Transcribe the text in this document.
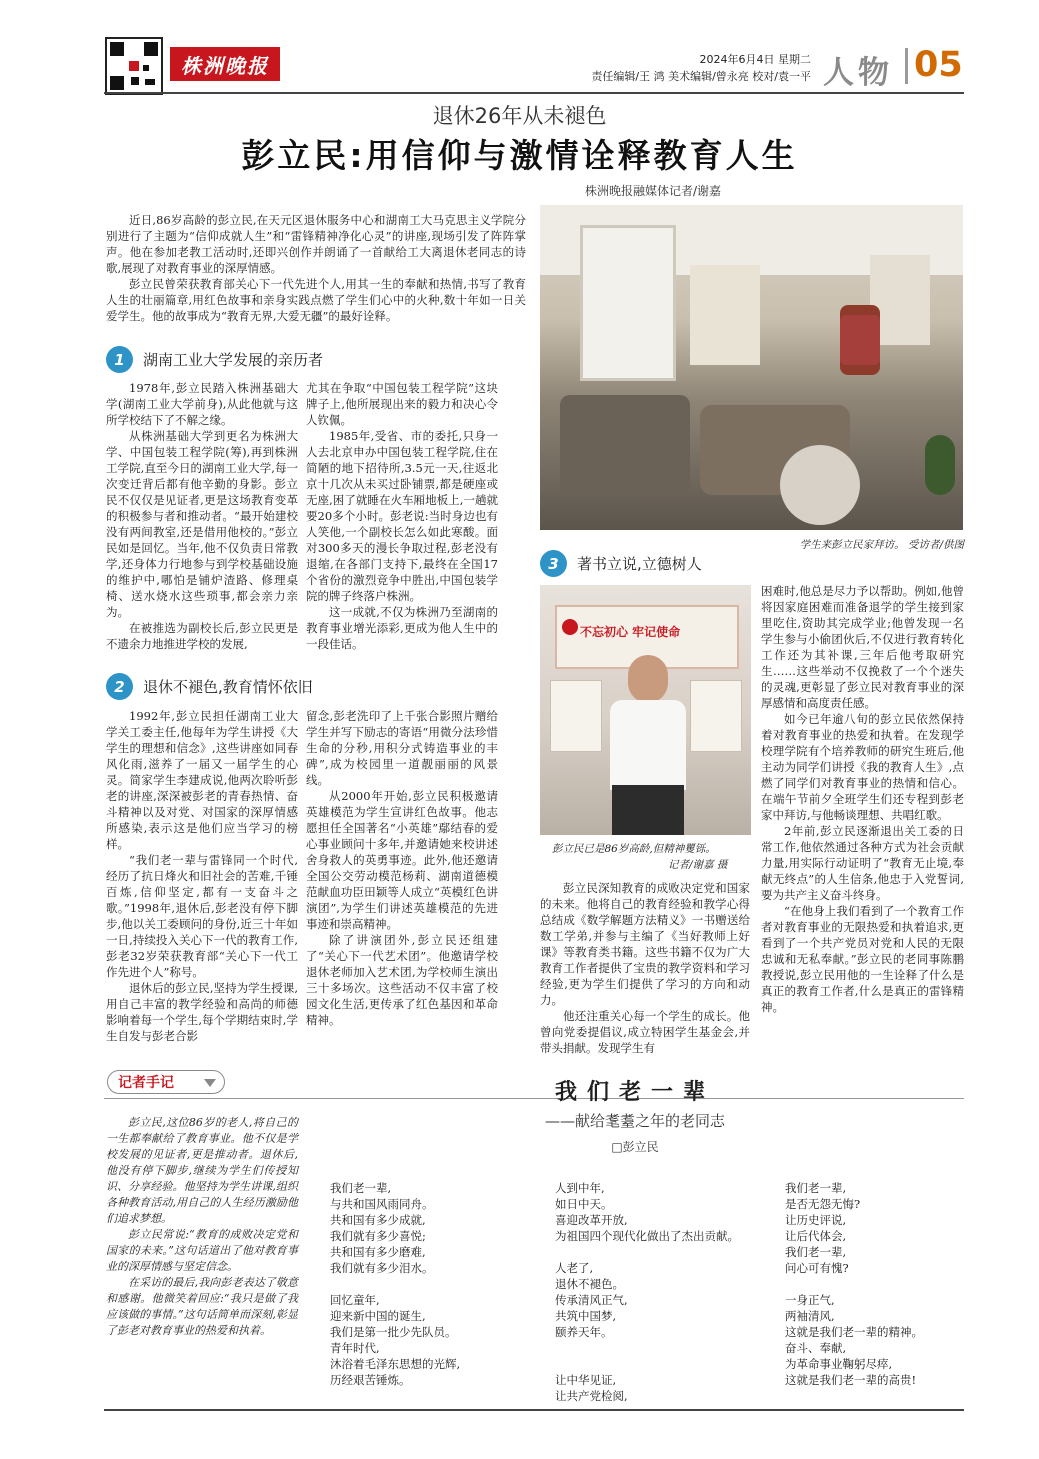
株洲晚报	2024年6月4日 星期二
责任编辑/王 鸿 美术编辑/曾永亮 校对/袁一平 人物 05
退休26年从未褪色
彭立民:用信仰与激情诠释教育人生
株洲晚报融媒体记者/谢嘉

近日,86岁高龄的彭立民,在天元区退休服务中心和湖南工大马克思主义学院分别进行了主题为“信仰成就人生”和“雷锋精神净化心灵”的讲座,现场引发了阵阵掌声。他在参加老教工活动时,还即兴创作并朗诵了一首献给工大离退休老同志的诗歌,展现了对教育事业的深厚情感。

彭立民曾荣获教育部关心下一代先进个人,用其一生的奉献和热情,书写了教育人生的壮丽篇章,用红色故事和亲身实践点燃了学生们心中的火种,数十年如一日关爱学生。他的故事成为“教育无界,大爱无疆”的最好诠释。

1	湖南工业大学发展的亲历者

1978年,彭立民踏入株洲基础大学(湖南工业大学前身),从此他就与这所学校结下了不解之缘。

从株洲基础大学到更名为株洲大学、中国包装工程学院(筹),再到株洲工学院,直至今日的湖南工业大学,每一次变迁背后都有他辛勤的身影。彭立民不仅仅是见证者,更是这场教育变革的积极参与者和推动者。“最开始建校没有两间教室,还是借用他校的。”彭立民如是回忆。当年,他不仅负责日常教学,还身体力行地参与到学校基础设施的维护中,哪怕是铺炉渣路、修理桌椅、送水烧水这些琐事,都会亲力亲为。

在被推选为副校长后,彭立民更是不遗余力地推进学校的发展,

尤其在争取“中国包装工程学院”这块牌子上,他所展现出来的毅力和决心令人钦佩。

1985年,受省、市的委托,只身一人去北京申办中国包装工程学院,住在简陋的地下招待所,3.5元一天,往返北京十几次从未买过卧铺票,都是硬座或无座,困了就睡在火车厢地板上,一趟就要20多个小时。彭老说:当时身边也有人笑他,一个副校长怎么如此寒酸。面对300多天的漫长争取过程,彭老没有退缩,在各部门支持下,最终在全国17个省份的激烈竞争中胜出,中国包装学院的牌子终落户株洲。

这一成就,不仅为株洲乃至湖南的教育事业增光添彩,更成为他人生中的一段佳话。

2	退休不褪色,教育情怀依旧

1992年,彭立民担任湖南工业大学关工委主任,他每年为学生讲授《大学生的理想和信念》,这些讲座如同春风化雨,滋养了一届又一届学生的心灵。简家学生李建成说,他两次聆听彭老的讲座,深深被彭老的青春热情、奋斗精神以及对党、对国家的深厚情感所感染,表示这是他们应当学习的榜样。

“我们老一辈与雷锋同一个时代,经历了抗日烽火和旧社会的苦难,千锤百炼,信仰坚定,都有一支奋斗之歌。”1998年,退休后,彭老没有停下脚步,他以关工委顾问的身份,近三十年如一日,持续投入关心下一代的教育工作,彭老32岁荣获教育部“关心下一代工作先进个人”称号。

退休后的彭立民,坚持为学生授课,用自己丰富的教学经验和高尚的师德影响着每一个学生,每个学期结束时,学生自发与彭老合影

留念,彭老洗印了上千张合影照片赠给学生并写下励志的寄语“用微分法珍惜生命的分秒,用积分式铸造事业的丰碑”,成为校园里一道靓丽丽的风景线。

从2000年开始,彭立民积极邀请英雄模范为学生宣讲红色故事。他志愿担任全国著名“小英雄”鄢结春的爱心事业顾问十多年,并邀请她来校讲述舍身救人的英勇事迹。此外,他还邀请全国公交劳动模范杨莉、湖南道德模范献血功臣田颖等人成立“英模红色讲演团”,为学生们讲述英雄模范的先进事迹和崇高精神。

除了讲演团外,彭立民还组建了“关心下一代艺术团”。他邀请学校退休老师加入艺术团,为学校师生演出三十多场次。这些活动不仅丰富了校园文化生活,更传承了红色基因和革命精神。

学生来彭立民家拜访。 受访者/供图
3	著书立说,立德树人
不忘初心 牢记使命
彭立民已是86岁高龄,但精神矍铄。
记者/谢嘉 摄

彭立民深知教育的成败决定党和国家的未来。他将自己的教育经验和教学心得总结成《数学解题方法精义》一书赠送给数工学弟,并参与主编了《当好教师上好课》等教育类书籍。这些书籍不仅为广大教育工作者提供了宝贵的教学资料和学习经验,更为学生们提供了学习的方向和动力。

他还注重关心每一个学生的成长。他曾向党委提倡议,成立特困学生基金会,并带头捐献。发现学生有

困难时,他总是尽力予以帮助。例如,他曾将因家庭困难而准备退学的学生接到家里吃住,资助其完成学业;他曾发现一名学生参与小偷团伙后,不仅进行教育转化工作还为其补课,三年后他考取研究生……这些举动不仅挽救了一个个迷失的灵魂,更彰显了彭立民对教育事业的深厚感情和高度责任感。

如今已年逾八旬的彭立民依然保持着对教育事业的热爱和执着。在发现学校理学院有个培养教师的研究生班后,他主动为同学们讲授《我的教育人生》,点燃了同学们对教育事业的热情和信心。在端午节前夕全班学生们还专程到彭老家中拜访,与他畅谈理想、共唱红歌。

2年前,彭立民逐渐退出关工委的日常工作,他依然通过各种方式为社会贡献力量,用实际行动证明了“教育无止境,奉献无终点”的人生信条,他忠于入党誓词,要为共产主义奋斗终身。

“在他身上我们看到了一个教育工作者对教育事业的无限热爱和执着追求,更看到了一个共产党员对党和人民的无限忠诚和无私奉献。”彭立民的老同事陈鹏教授说,彭立民用他的一生诠释了什么是真正的教育工作者,什么是真正的雷锋精神。

记者手记

彭立民,这位86岁的老人,将自己的一生都奉献给了教育事业。他不仅是学校发展的见证者,更是推动者。退休后,他没有停下脚步,继续为学生们传授知识、分享经验。他坚持为学生讲课,组织各种教育活动,用自己的人生经历激励他们追求梦想。

彭立民常说:“教育的成败决定党和国家的未来。”这句话道出了他对教育事业的深厚情感与坚定信念。

在采访的最后,我向彭老表达了敬意和感谢。他微笑着回应:“我只是做了我应该做的事情。”这句话简单而深刻,彰显了彭老对教育事业的热爱和执着。

我们老一辈
——献给耄耋之年的老同志
□彭立民
我们老一辈,
与共和国风雨同舟。
共和国有多少成就,
我们就有多少喜悦;
共和国有多少磨难,
我们就有多少泪水。
回忆童年,
迎来新中国的诞生,
我们是第一批少先队员。
青年时代,
沐浴着毛泽东思想的光辉,
历经艰苦锤炼。
人到中年,
如日中天。
喜迎改革开放,
为祖国四个现代化做出了杰出贡献。
人老了,
退休不褪色。
传承清风正气,
共筑中国梦,
颐养天年。
让中华见证,
让共产党检阅,
我们老一辈,
是否无怨无悔?
让历史评说,
让后代体会,
我们老一辈,
问心可有愧?
一身正气,
两袖清风,
这就是我们老一辈的精神。
奋斗、奉献,
为革命事业鞠躬尽瘁,
这就是我们老一辈的高贵!
